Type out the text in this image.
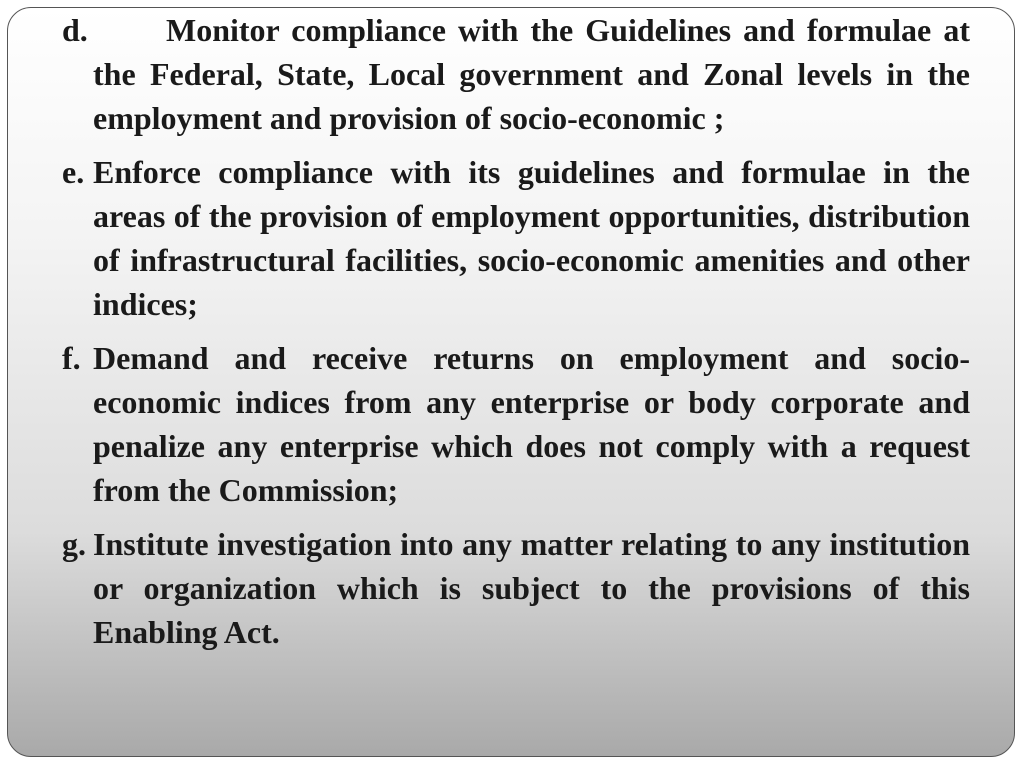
d.	Monitor compliance with the Guidelines and formulae at the Federal, State, Local government and Zonal levels in the employment and provision of socio-economic ;
e. Enforce compliance with its guidelines and formulae in the areas of the provision of employment opportunities, distribution of infrastructural facilities, socio-economic amenities and other indices;
f. Demand and receive returns on employment and socio-economic indices from any enterprise or body corporate and penalize any enterprise which does not comply with a request from the Commission;
g. Institute investigation into any matter relating to any institution or organization which is subject to the provisions of this Enabling Act.
